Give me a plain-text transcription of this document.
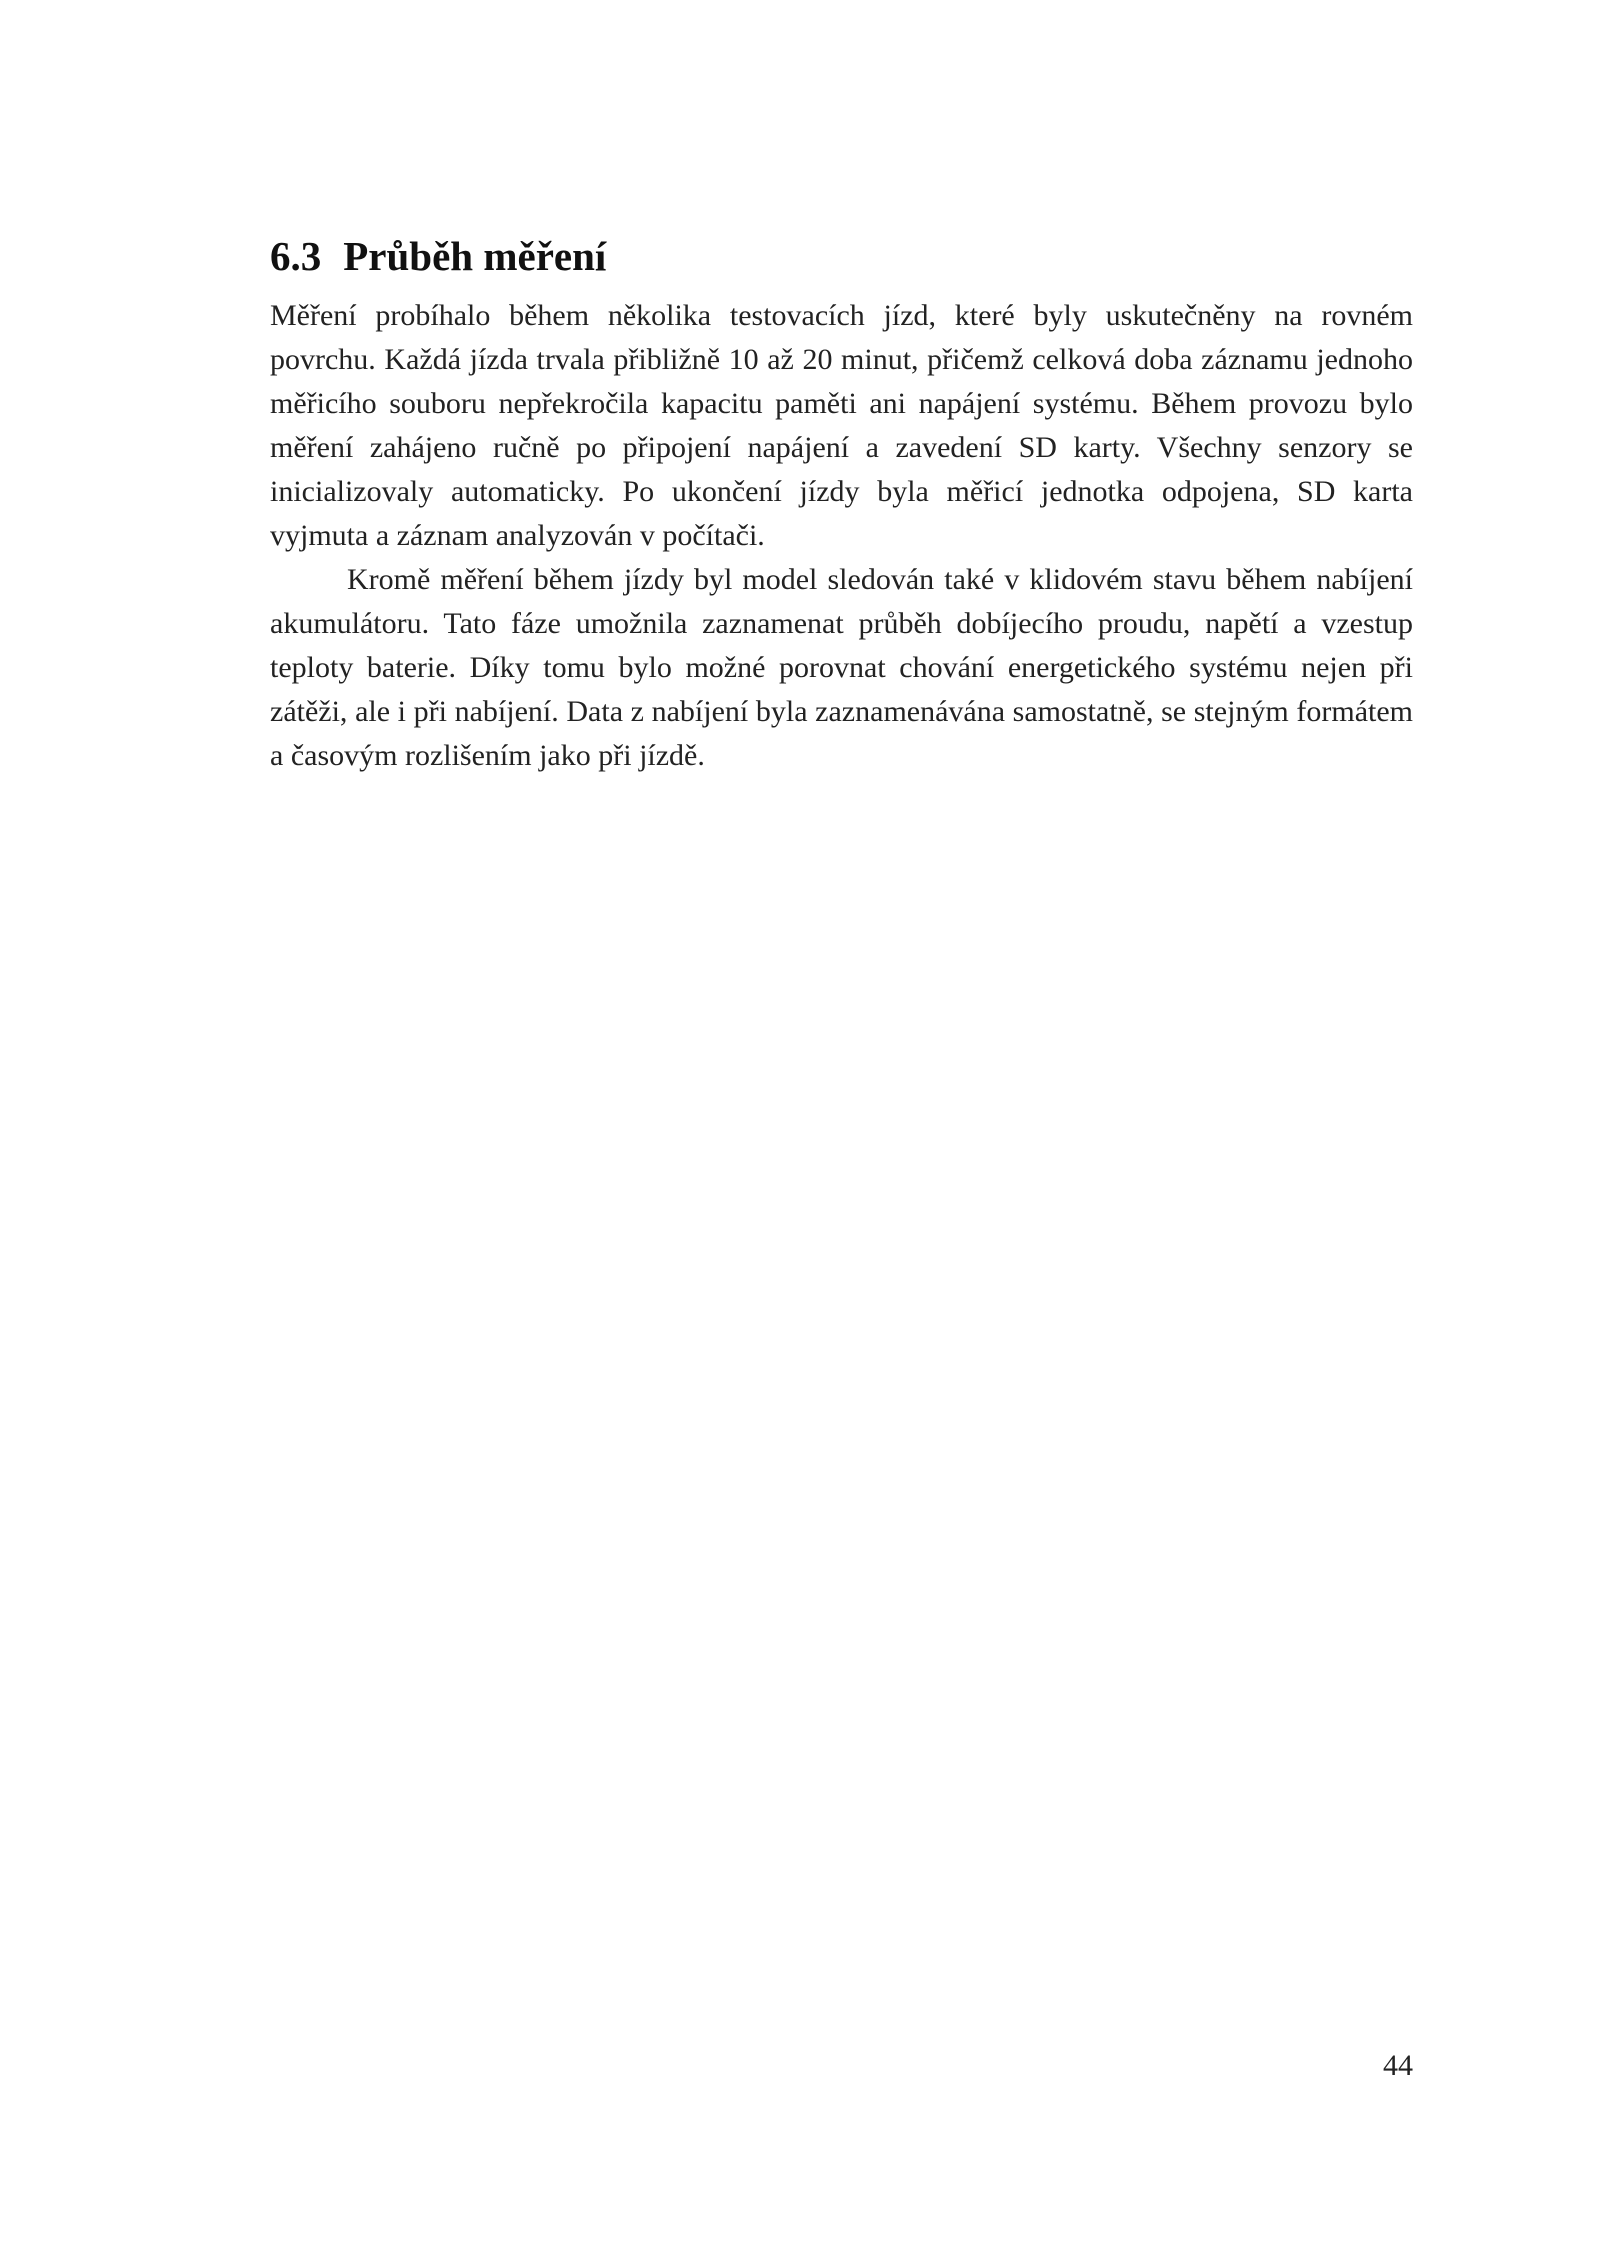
6.3 Průběh měření

Měření probíhalo během několika testovacích jízd, které byly uskutečněny na rovném povrchu. Každá jízda trvala přibližně 10 až 20 minut, přičemž celková doba záznamu jednoho měřicího souboru nepřekročila kapacitu paměti ani napájení systému. Během provozu bylo měření zahájeno ručně po připojení napájení a zavedení SD karty. Všechny senzory se inicializovaly automaticky. Po ukončení jízdy byla měřicí jednotka odpojena, SD karta vyjmuta a záznam analyzován v počítači.

Kromě měření během jízdy byl model sledován také v klidovém stavu během nabíjení akumulátoru. Tato fáze umožnila zaznamenat průběh dobíjecího proudu, napětí a vzestup teploty baterie. Díky tomu bylo možné porovnat chování energetického systému nejen při zátěži, ale i při nabíjení. Data z nabíjení byla zaznamenávána samostatně, se stejným formátem a časovým rozlišením jako při jízdě.

44
